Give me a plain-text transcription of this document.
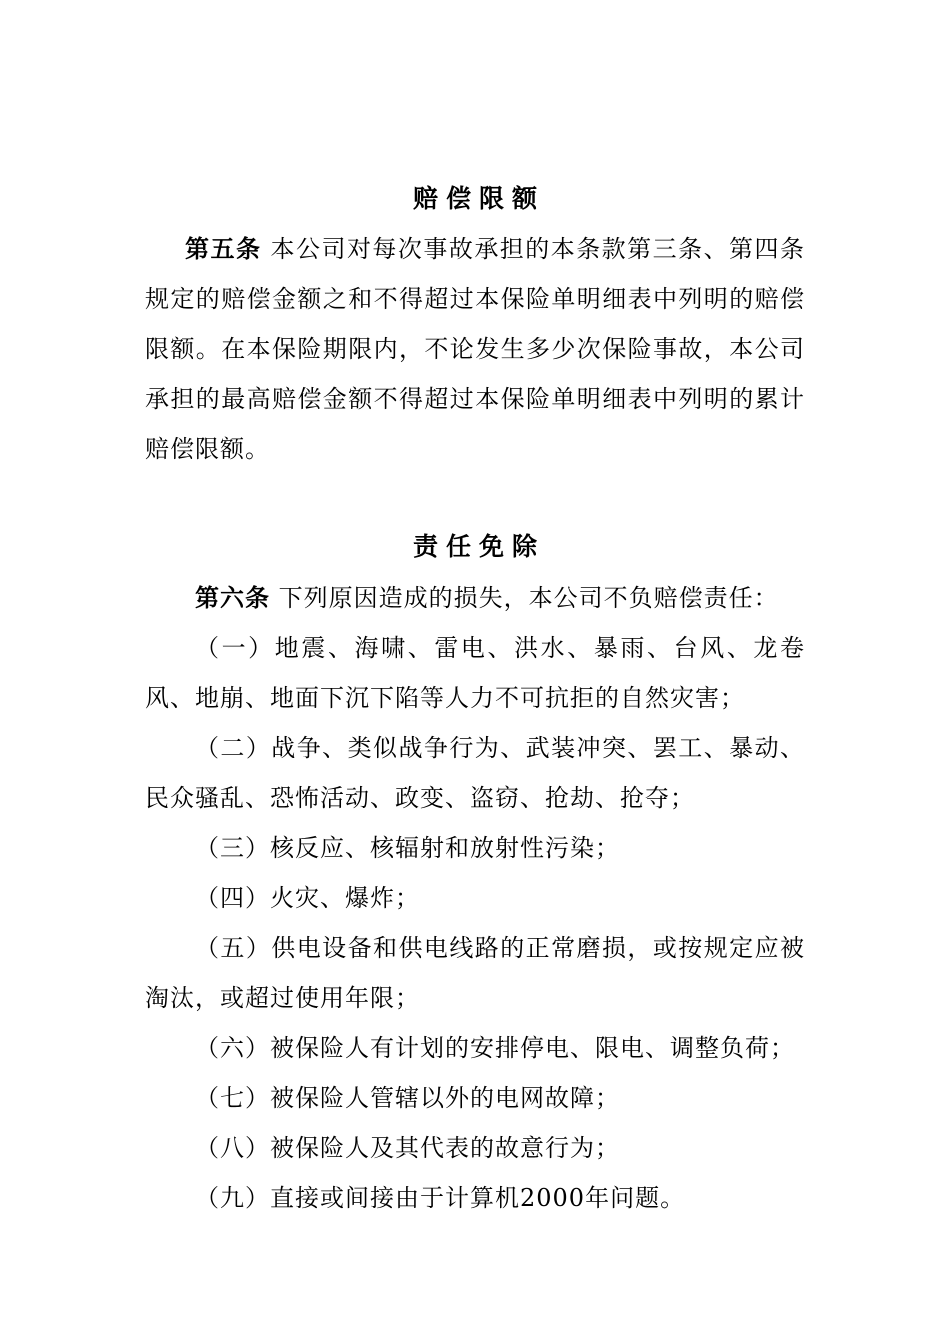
赔偿限额
第五条 本公司对每次事故承担的本条款第三条、第四条规定的赔偿金额之和不得超过本保险单明细表中列明的赔偿限额。在本保险期限内，不论发生多少次保险事故，本公司承担的最高赔偿金额不得超过本保险单明细表中列明的累计赔偿限额。
责任免除
第六条 下列原因造成的损失，本公司不负赔偿责任：
（一）地震、海啸、雷电、洪水、暴雨、台风、龙卷风、地崩、地面下沉下陷等人力不可抗拒的自然灾害；
（二）战争、类似战争行为、武装冲突、罢工、暴动、民众骚乱、恐怖活动、政变、盗窃、抢劫、抢夺；
（三）核反应、核辐射和放射性污染；
（四）火灾、爆炸；
（五）供电设备和供电线路的正常磨损，或按规定应被淘汰，或超过使用年限；
（六）被保险人有计划的安排停电、限电、调整负荷；
（七）被保险人管辖以外的电网故障；
（八）被保险人及其代表的故意行为；
（九）直接或间接由于计算机2000年问题。
